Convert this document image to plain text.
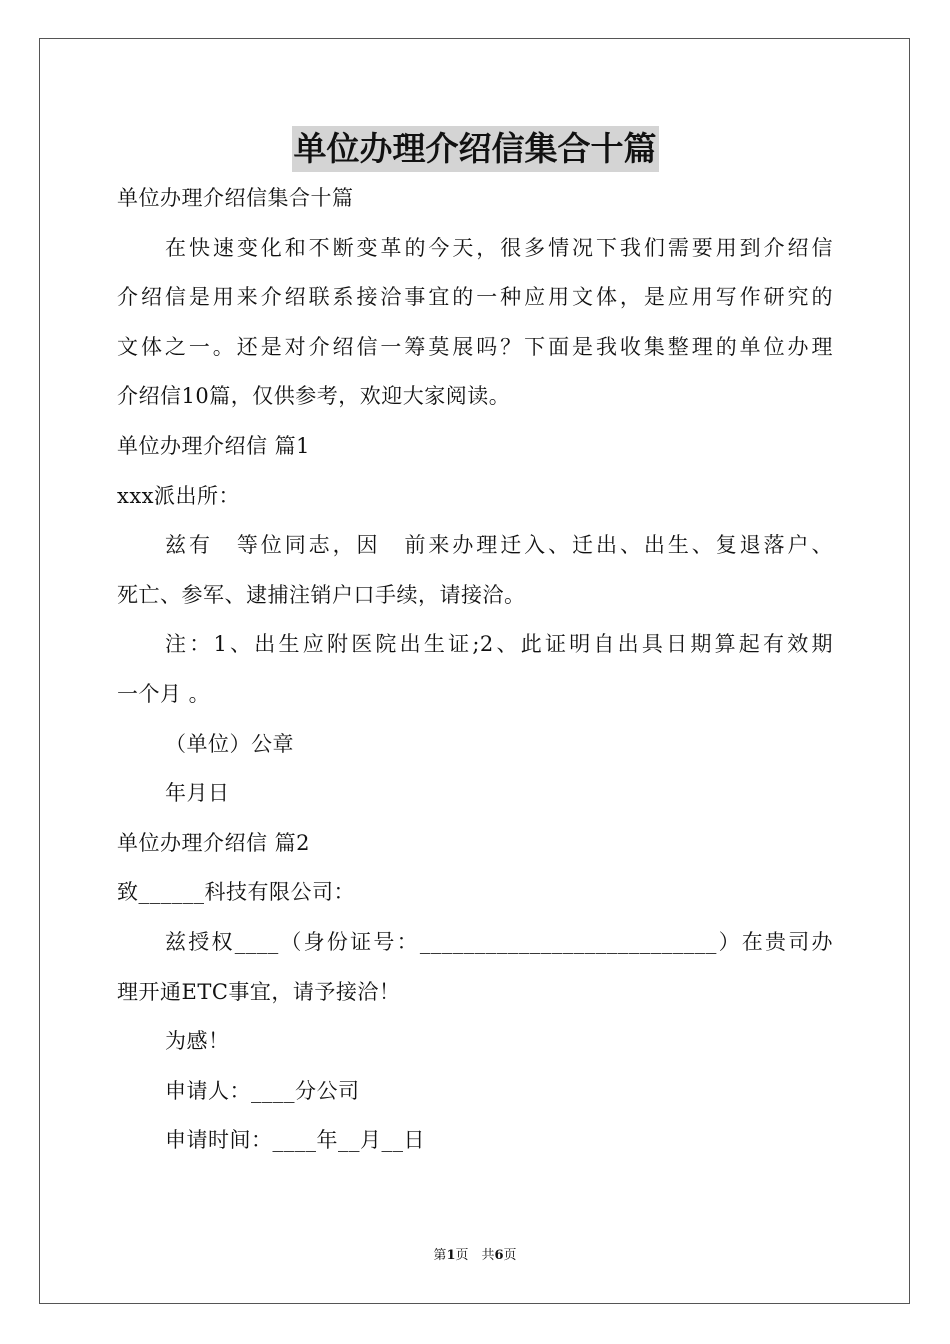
单位办理介绍信集合十篇
单位办理介绍信集合十篇
在快速变化和不断变革的今天，很多情况下我们需要用到介绍信
介绍信是用来介绍联系接洽事宜的一种应用文体，是应用写作研究的
文体之一。还是对介绍信一筹莫展吗？下面是我收集整理的单位办理
介绍信10篇，仅供参考，欢迎大家阅读。
单位办理介绍信 篇1
xxx派出所：
兹有　等位同志，因　前来办理迁入、迁出、出生、复退落户、
死亡、参军、逮捕注销户口手续，请接洽。
注：1、出生应附医院出生证;2、此证明自出具日期算起有效期
一个月 。
（单位）公章
年月日
单位办理介绍信 篇2
致______科技有限公司：
兹授权____（身份证号：___________________________）在贵司办
理开通ETC事宜，请予接洽！
为感！
申请人：____分公司
申请时间：____年__月__日
第1页　共6页
